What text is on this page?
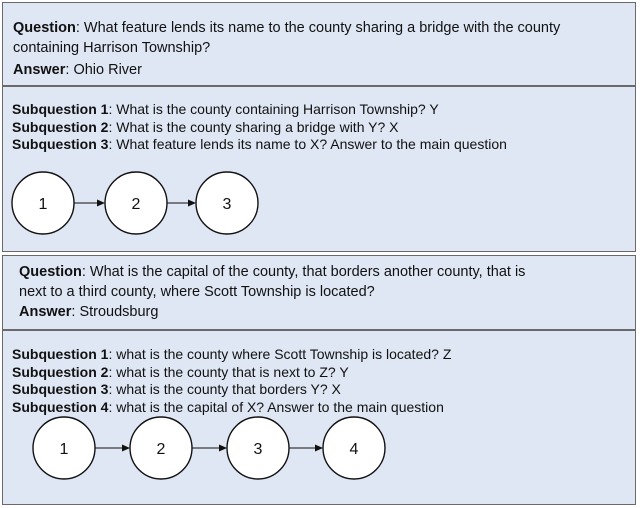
Question: What feature lends its name to the county sharing a bridge with the county
containing Harrison Township?
Answer: Ohio River
Subquestion 1: What is the county containing Harrison Township? Y
Subquestion 2: What is the county sharing a bridge with Y? X
Subquestion 3: What feature lends its name to X? Answer to the main question
1	2	3
Question: What is the capital of the county, that borders another county, that is
next to a third county, where Scott Township is located?
Answer: Stroudsburg
Subquestion 1: what is the county where Scott Township is located? Z
Subquestion 2: what is the county that is next to Z? Y
Subquestion 3: what is the county that borders Y? X
Subquestion 4: what is the capital of X? Answer to the main question
1	2	3	4
